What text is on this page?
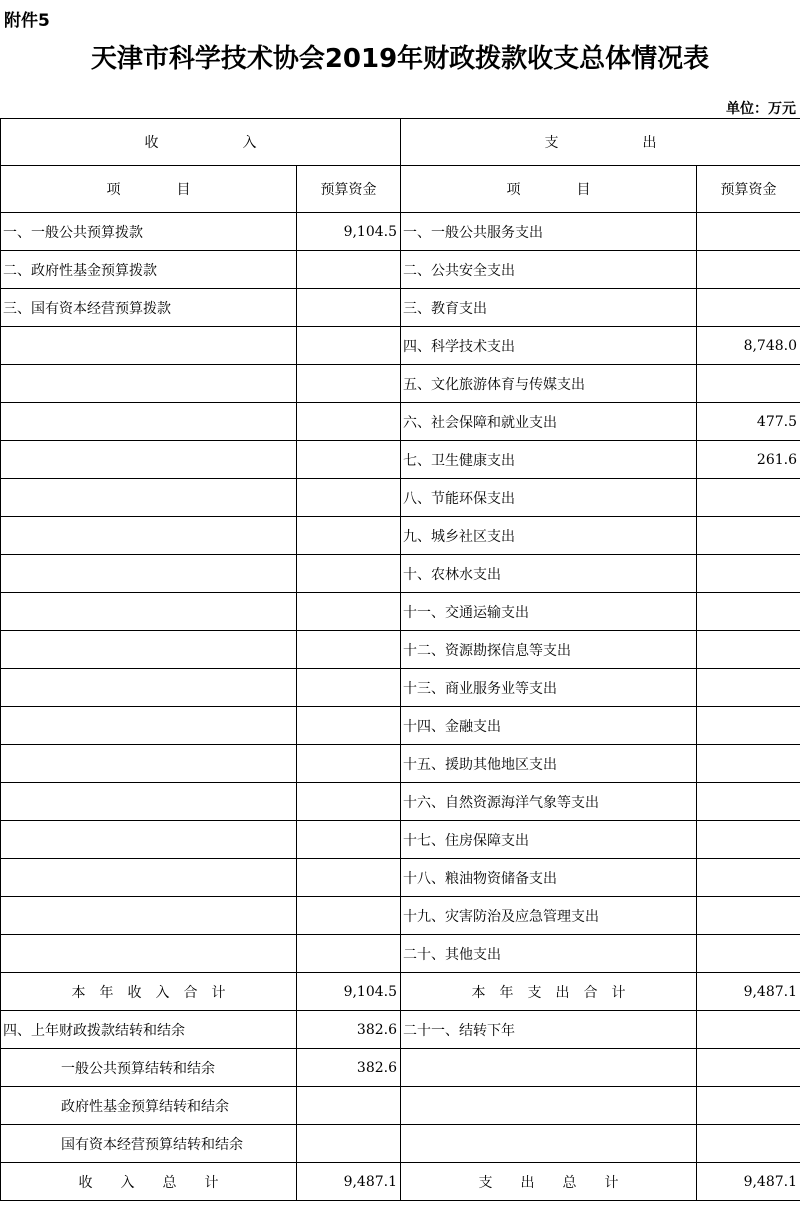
附件5
天津市科学技术协会2019年财政拨款收支总体情况表
单位：万元
收　　　　　　入		支　　　　　　出	
项　　　　目	预算资金	项　　　　目	预算资金
一、一般公共预算拨款	9,104.5	一、一般公共服务支出	
二、政府性基金预算拨款		二、公共安全支出	
三、国有资本经营预算拨款		三、教育支出	
		四、科学技术支出	8,748.0
		五、文化旅游体育与传媒支出	
		六、社会保障和就业支出	477.5
		七、卫生健康支出	261.6
		八、节能环保支出	
		九、城乡社区支出	
		十、农林水支出	
		十一、交通运输支出	
		十二、资源勘探信息等支出	
		十三、商业服务业等支出	
		十四、金融支出	
		十五、援助其他地区支出	
		十六、自然资源海洋气象等支出	
		十七、住房保障支出	
		十八、粮油物资储备支出	
		十九、灾害防治及应急管理支出	
		二十、其他支出	
本　年　收　入　合　计	9,104.5	本　年　支　出　合　计	9,487.1
四、上年财政拨款结转和结余	382.6	二十一、结转下年	
一般公共预算结转和结余	382.6		
政府性基金预算结转和结余			
国有资本经营预算结转和结余			
收　　入　　总　　计	9,487.1	支　　出　　总　　计	9,487.1
